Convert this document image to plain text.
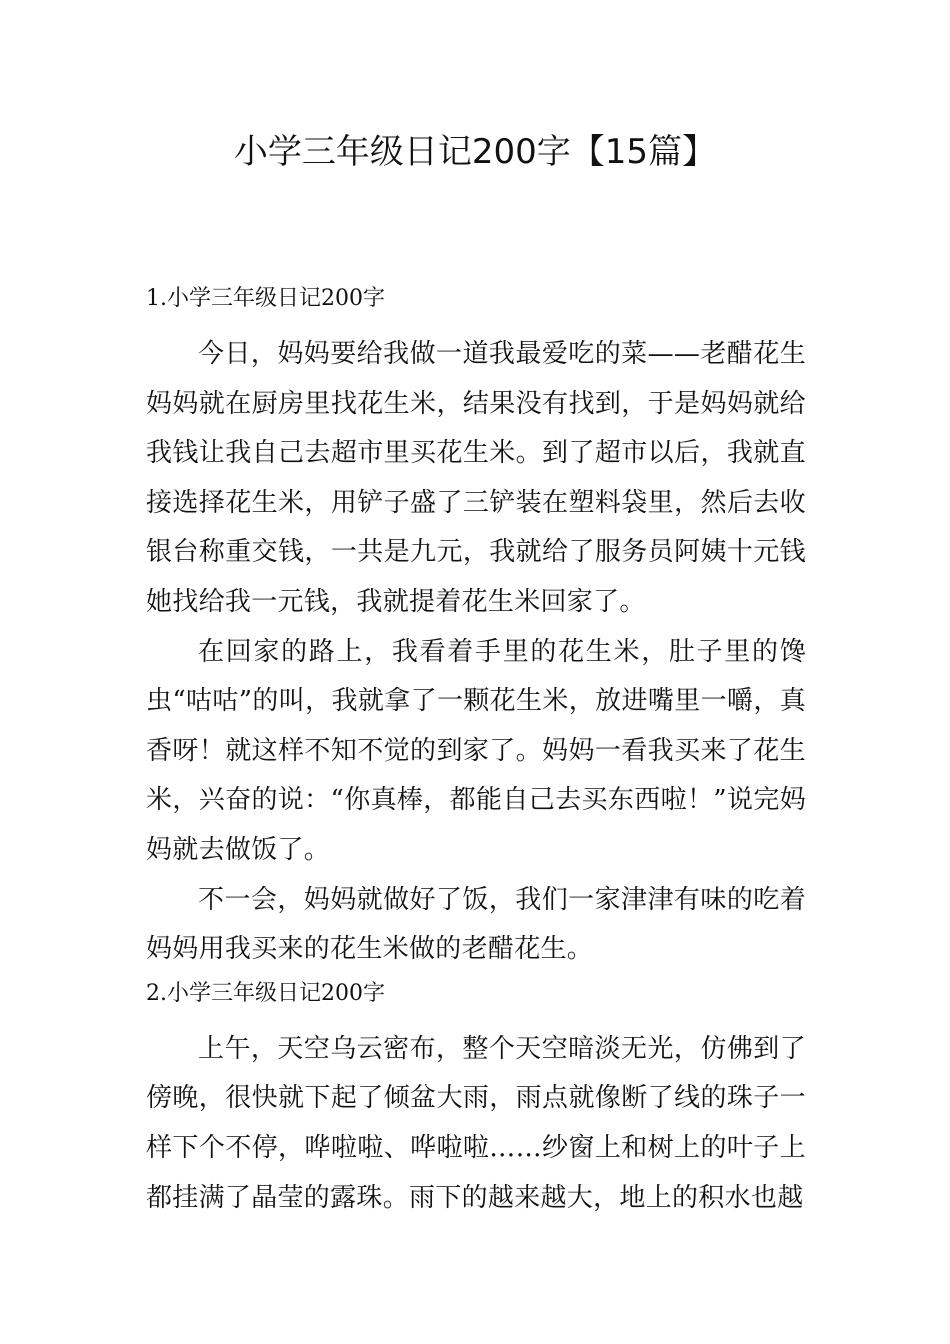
小学三年级日记200字【15篇】

1.小学三年级日记200字

今日，妈妈要给我做一道我最爱吃的菜——老醋花生妈妈就在厨房里找花生米，结果没有找到，于是妈妈就给我钱让我自己去超市里买花生米。到了超市以后，我就直接选择花生米，用铲子盛了三铲装在塑料袋里，然后去收银台称重交钱，一共是九元，我就给了服务员阿姨十元钱她找给我一元钱，我就提着花生米回家了。

在回家的路上，我看着手里的花生米，肚子里的馋虫“咕咕”的叫，我就拿了一颗花生米，放进嘴里一嚼，真香呀！就这样不知不觉的到家了。妈妈一看我买来了花生米，兴奋的说：“你真棒，都能自己去买东西啦！”说完妈妈就去做饭了。

不一会，妈妈就做好了饭，我们一家津津有味的吃着妈妈用我买来的花生米做的老醋花生。

2.小学三年级日记200字

上午，天空乌云密布，整个天空暗淡无光，仿佛到了傍晚，很快就下起了倾盆大雨，雨点就像断了线的珠子一样下个不停，哗啦啦、哗啦啦……纱窗上和树上的叶子上都挂满了晶莹的露珠。雨下的越来越大，地上的积水也越
